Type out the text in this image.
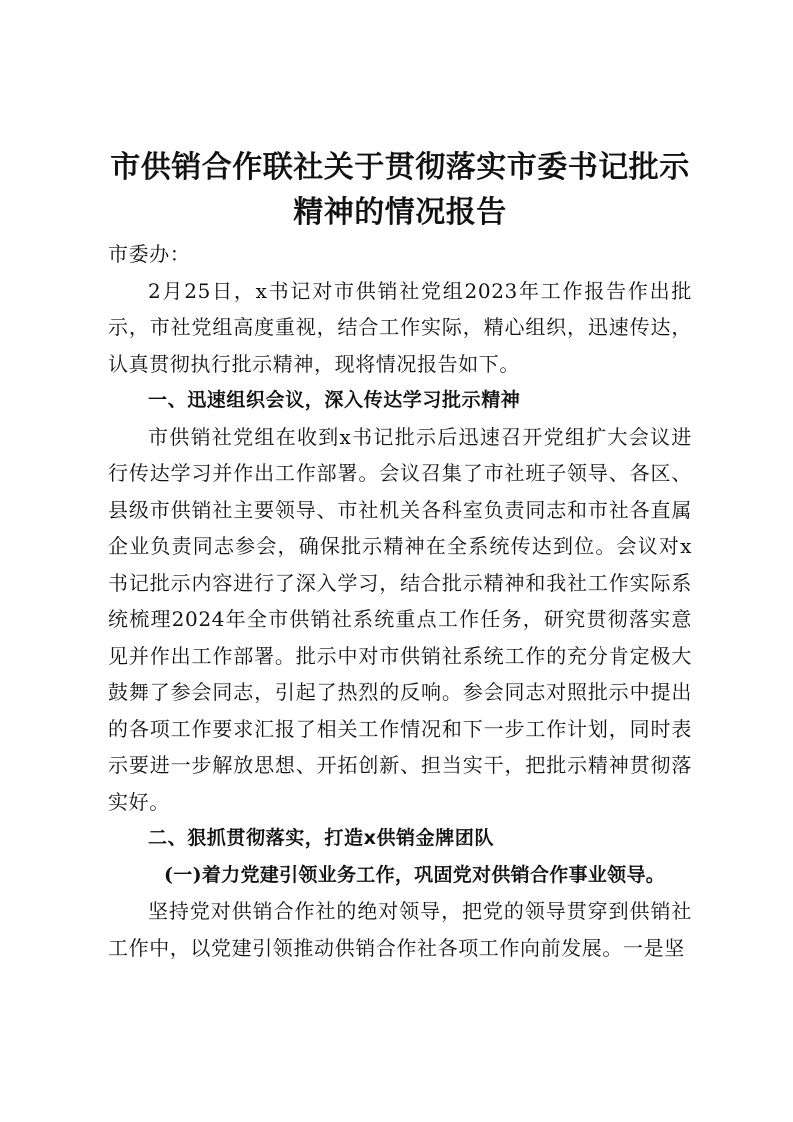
市供销合作联社关于贯彻落实市委书记批示精神的情况报告

市委办：

2月25日，x书记对市供销社党组2023年工作报告作出批示，市社党组高度重视，结合工作实际，精心组织，迅速传达，认真贯彻执行批示精神，现将情况报告如下。

一、迅速组织会议，深入传达学习批示精神

市供销社党组在收到x书记批示后迅速召开党组扩大会议进行传达学习并作出工作部署。会议召集了市社班子领导、各区、县级市供销社主要领导、市社机关各科室负责同志和市社各直属企业负责同志参会，确保批示精神在全系统传达到位。会议对x书记批示内容进行了深入学习，结合批示精神和我社工作实际系统梳理2024年全市供销社系统重点工作任务，研究贯彻落实意见并作出工作部署。批示中对市供销社系统工作的充分肯定极大鼓舞了参会同志，引起了热烈的反响。参会同志对照批示中提出的各项工作要求汇报了相关工作情况和下一步工作计划，同时表示要进一步解放思想、开拓创新、担当实干，把批示精神贯彻落实好。

二、狠抓贯彻落实，打造x供销金牌团队

(一)着力党建引领业务工作，巩固党对供销合作事业领导。

坚持党对供销合作社的绝对领导，把党的领导贯穿到供销社工作中，以党建引领推动供销合作社各项工作向前发展。一是坚
